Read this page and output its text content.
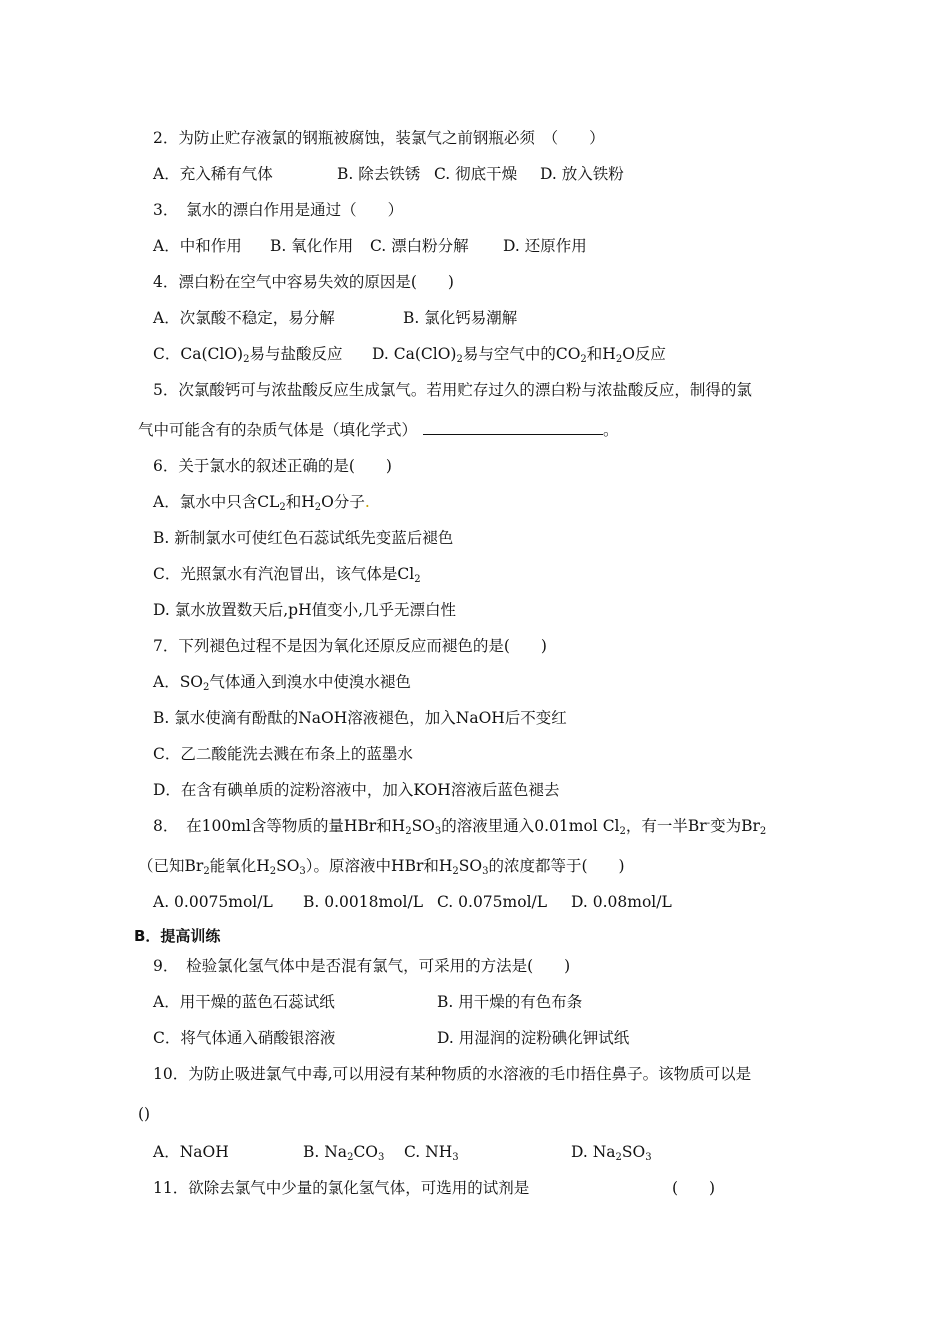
2．为防止贮存液氯的钢瓶被腐蚀，装氯气之前钢瓶必须　（　　）
A．充入稀有气体	B. 除去铁锈 C. 彻底干燥 D. 放入铁粉
3．　氯水的漂白作用是通过（　　）
A．中和作用 B. 氧化作用 C. 漂白粉分解 D. 还原作用
4．漂白粉在空气中容易失效的原因是(　　)
A．次氯酸不稳定，易分解	B. 氯化钙易潮解
C．$Ca(ClO)_2$易与盐酸反应 D. $Ca(ClO)_2$易与空气中的$CO_2$和$H_2O$反应
5．次氯酸钙可与浓盐酸反应生成氯气。若用贮存过久的漂白粉与浓盐酸反应，制得的氯
气中可能含有的杂质气体是（填化学式）	。
6．关于氯水的叙述正确的是(　　)
A．氯水中只含$CL_2$和$H_2O$分子.
B. 新制氯水可使红色石蕊试纸先变蓝后褪色
C．光照氯水有汽泡冒出，该气体是$Cl_2$
D. 氯水放置数天后,pH值变小,几乎无漂白性
7．下列褪色过程不是因为氧化还原反应而褪色的是(　　)
A．$SO_2$气体通入到溴水中使溴水褪色
B. 氯水使滴有酚酞的NaOH溶液褪色，加入NaOH后不变红
C．乙二酸能洗去溅在布条上的蓝墨水
D．在含有碘单质的淀粉溶液中，加入KOH溶液后蓝色褪去
8．　在100ml含等物质的量HBr和$H_2SO_3$的溶液里通入0.01mol $Cl_2$，有一半Br-变为$Br_2$
（已知$Br_2$能氧化$H_2SO_3$）。原溶液中HBr和$H_2SO_3$的浓度都等于(　　)
A. 0.0075mol/L B. 0.0018mol/L C. 0.075mol/L D. 0.08mol/L
B．提高训练
9．　检验氯化氢气体中是否混有氯气，可采用的方法是(　　)
A．用干燥的蓝色石蕊试纸	B. 用干燥的有色布条
C．将气体通入硝酸银溶液	D. 用湿润的淀粉碘化钾试纸
10．为防止吸进氯气中毒,可以用浸有某种物质的水溶液的毛巾捂住鼻子。该物质可以是
()
A．NaOH	B. $Na_2CO_3$ C. $NH_3$	D. $Na_2SO_3$
11．欲除去氯气中少量的氯化氢气体，可选用的试剂是	(　　)
